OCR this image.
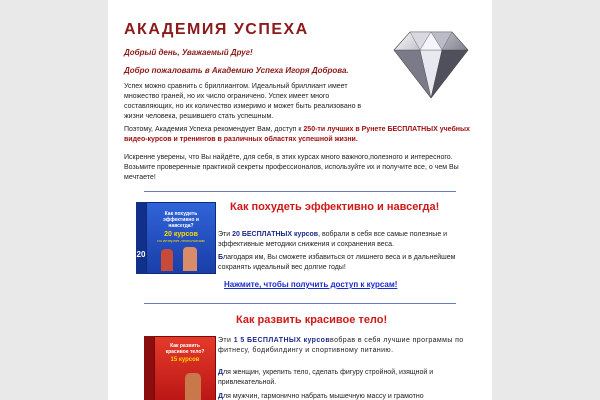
АКАДЕМИЯ УСПЕХА
Добрый день, Уважаемый Друг!
Добро пожаловать в Академию Успеха Игоря Доброва.
Успех можно сравнить с бриллиантом. Идеальный бриллиант имеет множество граней, но их число ограничено. Успех имеет много составляющих, но их количество измеримо и может быть реализовано в жизни человека, решившего стать успешным.
Поэтому, Академия Успеха рекомендует Вам, доступ к 250-ти лучших в Рунете БЕСПЛАТНЫХ учебных видео-курсов и тренингов в различных областях успешной жизни.
Искренне уверены, что Вы найдёте, для себя, в этих курсах много важного,полезного и интересного. Возьмите проверенные практикой секреты профессионалов, используйте их и получите все, о чем Вы мечтаете!
Как похудеть эффективно и навсегда!
20
Как похудеть эффективно и навсегда?
20 курсов
по интернет-технологиям
Эти 20 БЕСПЛАТНЫХ курсов, вобрали в себя все самые полезные и эффективные методики снижения и сохранения веса.
Благодаря им, Вы сможете избавиться от лишнего веса и в дальнейшем сохранять идеальный вес долгие годы!
Нажмите, чтобы получить доступ к курсам!
Как развить красивое тело!
Как развить красивое тело?
15 курсов
Эти 1 5 БЕСПЛАТНЫХ курсоввобрав в себя лучшие программы по фитнесу, бодибилдингу и спортивному питанию.
Для женщин, укрепить тело, сделать фигуру стройной, изящной и привлекательной.
Для мужчин, гармонично набрать мышечную массу и грамотно
